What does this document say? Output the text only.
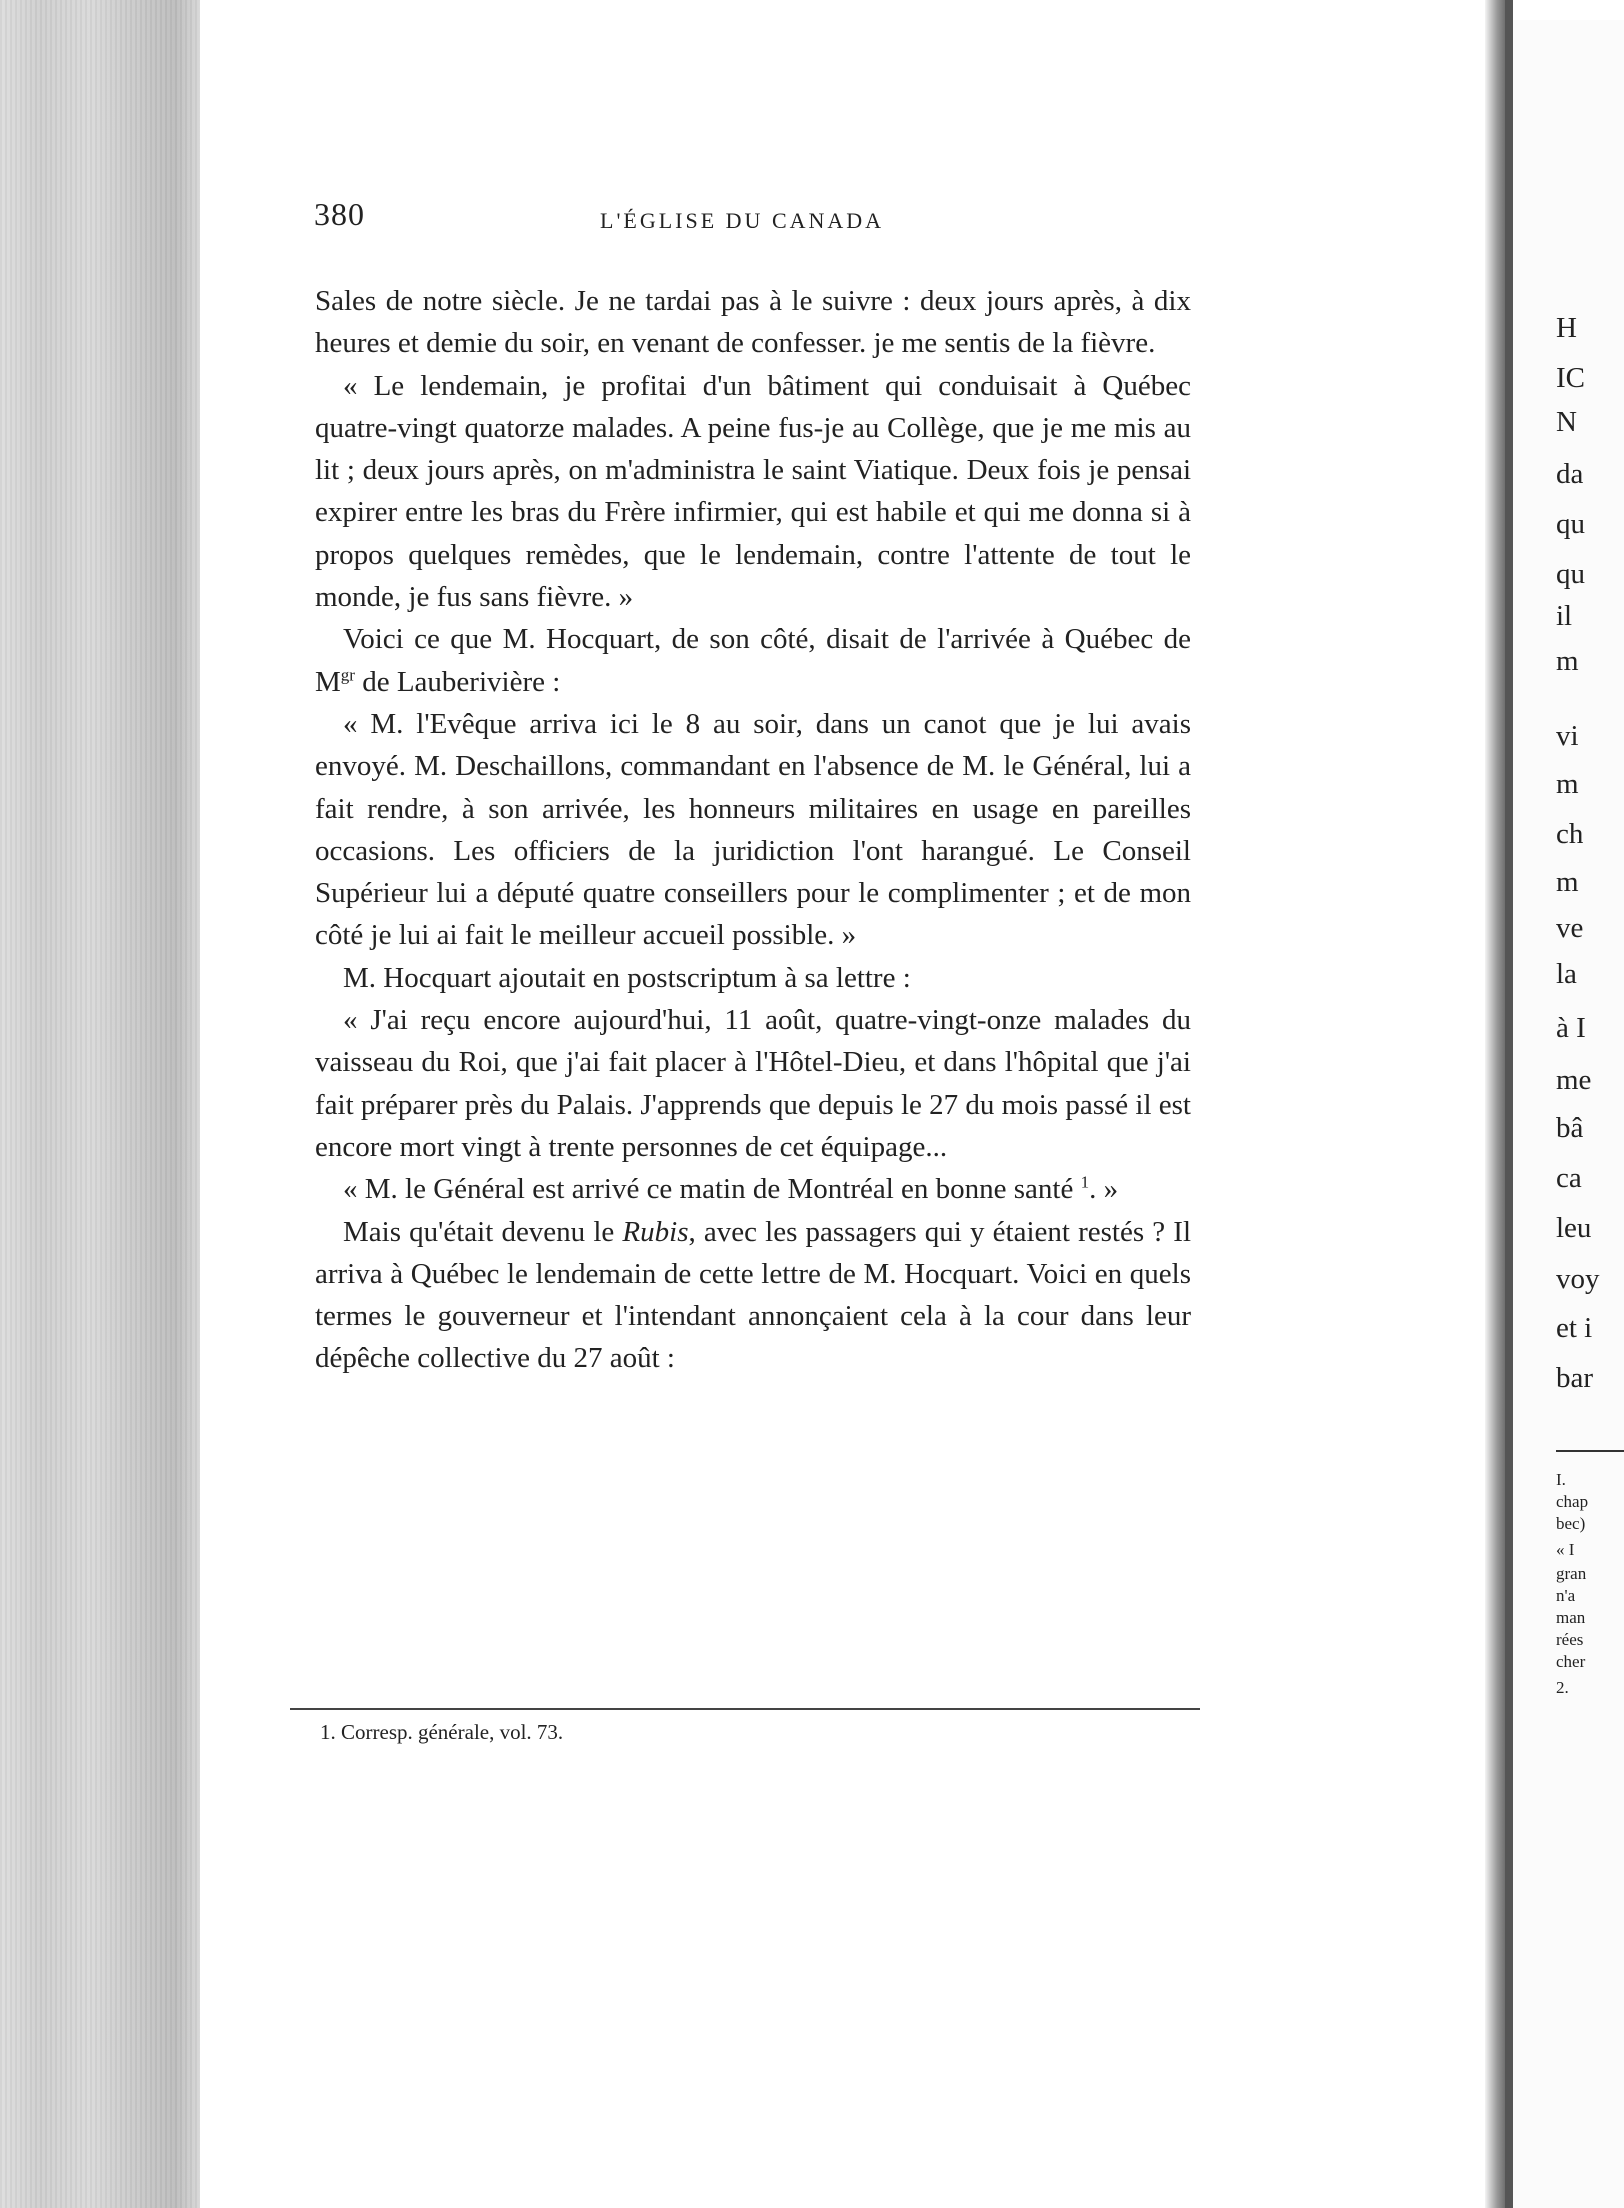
380	L'ÉGLISE DU CANADA

Sales de notre siècle. Je ne tardai pas à le suivre : deux jours après, à dix heures et demie du soir, en venant de confesser. je me sentis de la fièvre.

« Le lendemain, je profitai d'un bâtiment qui conduisait à Québec quatre-vingt quatorze malades. A peine fus-je au Collège, que je me mis au lit ; deux jours après, on m'administra le saint Viatique. Deux fois je pensai expirer entre les bras du Frère infirmier, qui est habile et qui me donna si à propos quelques remèdes, que le lendemain, contre l'attente de tout le monde, je fus sans fièvre. »

Voici ce que M. Hocquart, de son côté, disait de l'arrivée à Québec de $M^{gr}$ de Lauberivière :

« M. l'Evêque arriva ici le 8 au soir, dans un canot que je lui avais envoyé. M. Deschaillons, commandant en l'absence de M. le Général, lui a fait rendre, à son arrivée, les honneurs militaires en usage en pareilles occasions. Les officiers de la juridiction l'ont harangué. Le Conseil Supérieur lui a député quatre conseillers pour le complimenter ; et de mon côté je lui ai fait le meilleur accueil possible. »

M. Hocquart ajoutait en postscriptum à sa lettre :

« J'ai reçu encore aujourd'hui, 11 août, quatre-vingt-onze malades du vaisseau du Roi, que j'ai fait placer à l'Hôtel-Dieu, et dans l'hôpital que j'ai fait préparer près du Palais. J'apprends que depuis le 27 du mois passé il est encore mort vingt à trente personnes de cet équipage...

« M. le Général est arrivé ce matin de Montréal en bonne santé $^1$. »

Mais qu'était devenu le Rubis, avec les passagers qui y étaient restés ? Il arriva à Québec le lendemain de cette lettre de M. Hocquart. Voici en quels termes le gouverneur et l'intendant annonçaient cela à la cour dans leur dépêche collective du 27 août :

1. Corresp. générale, vol. 73.
H
IC
N
da
qu
qu
il
m
vi
m
ch
m
ve
la
à I
me
bâ
ca
leu
voy
et i
bar
I.
chap
bec)
« I
gran
n'a
man
rées
cher
2.
